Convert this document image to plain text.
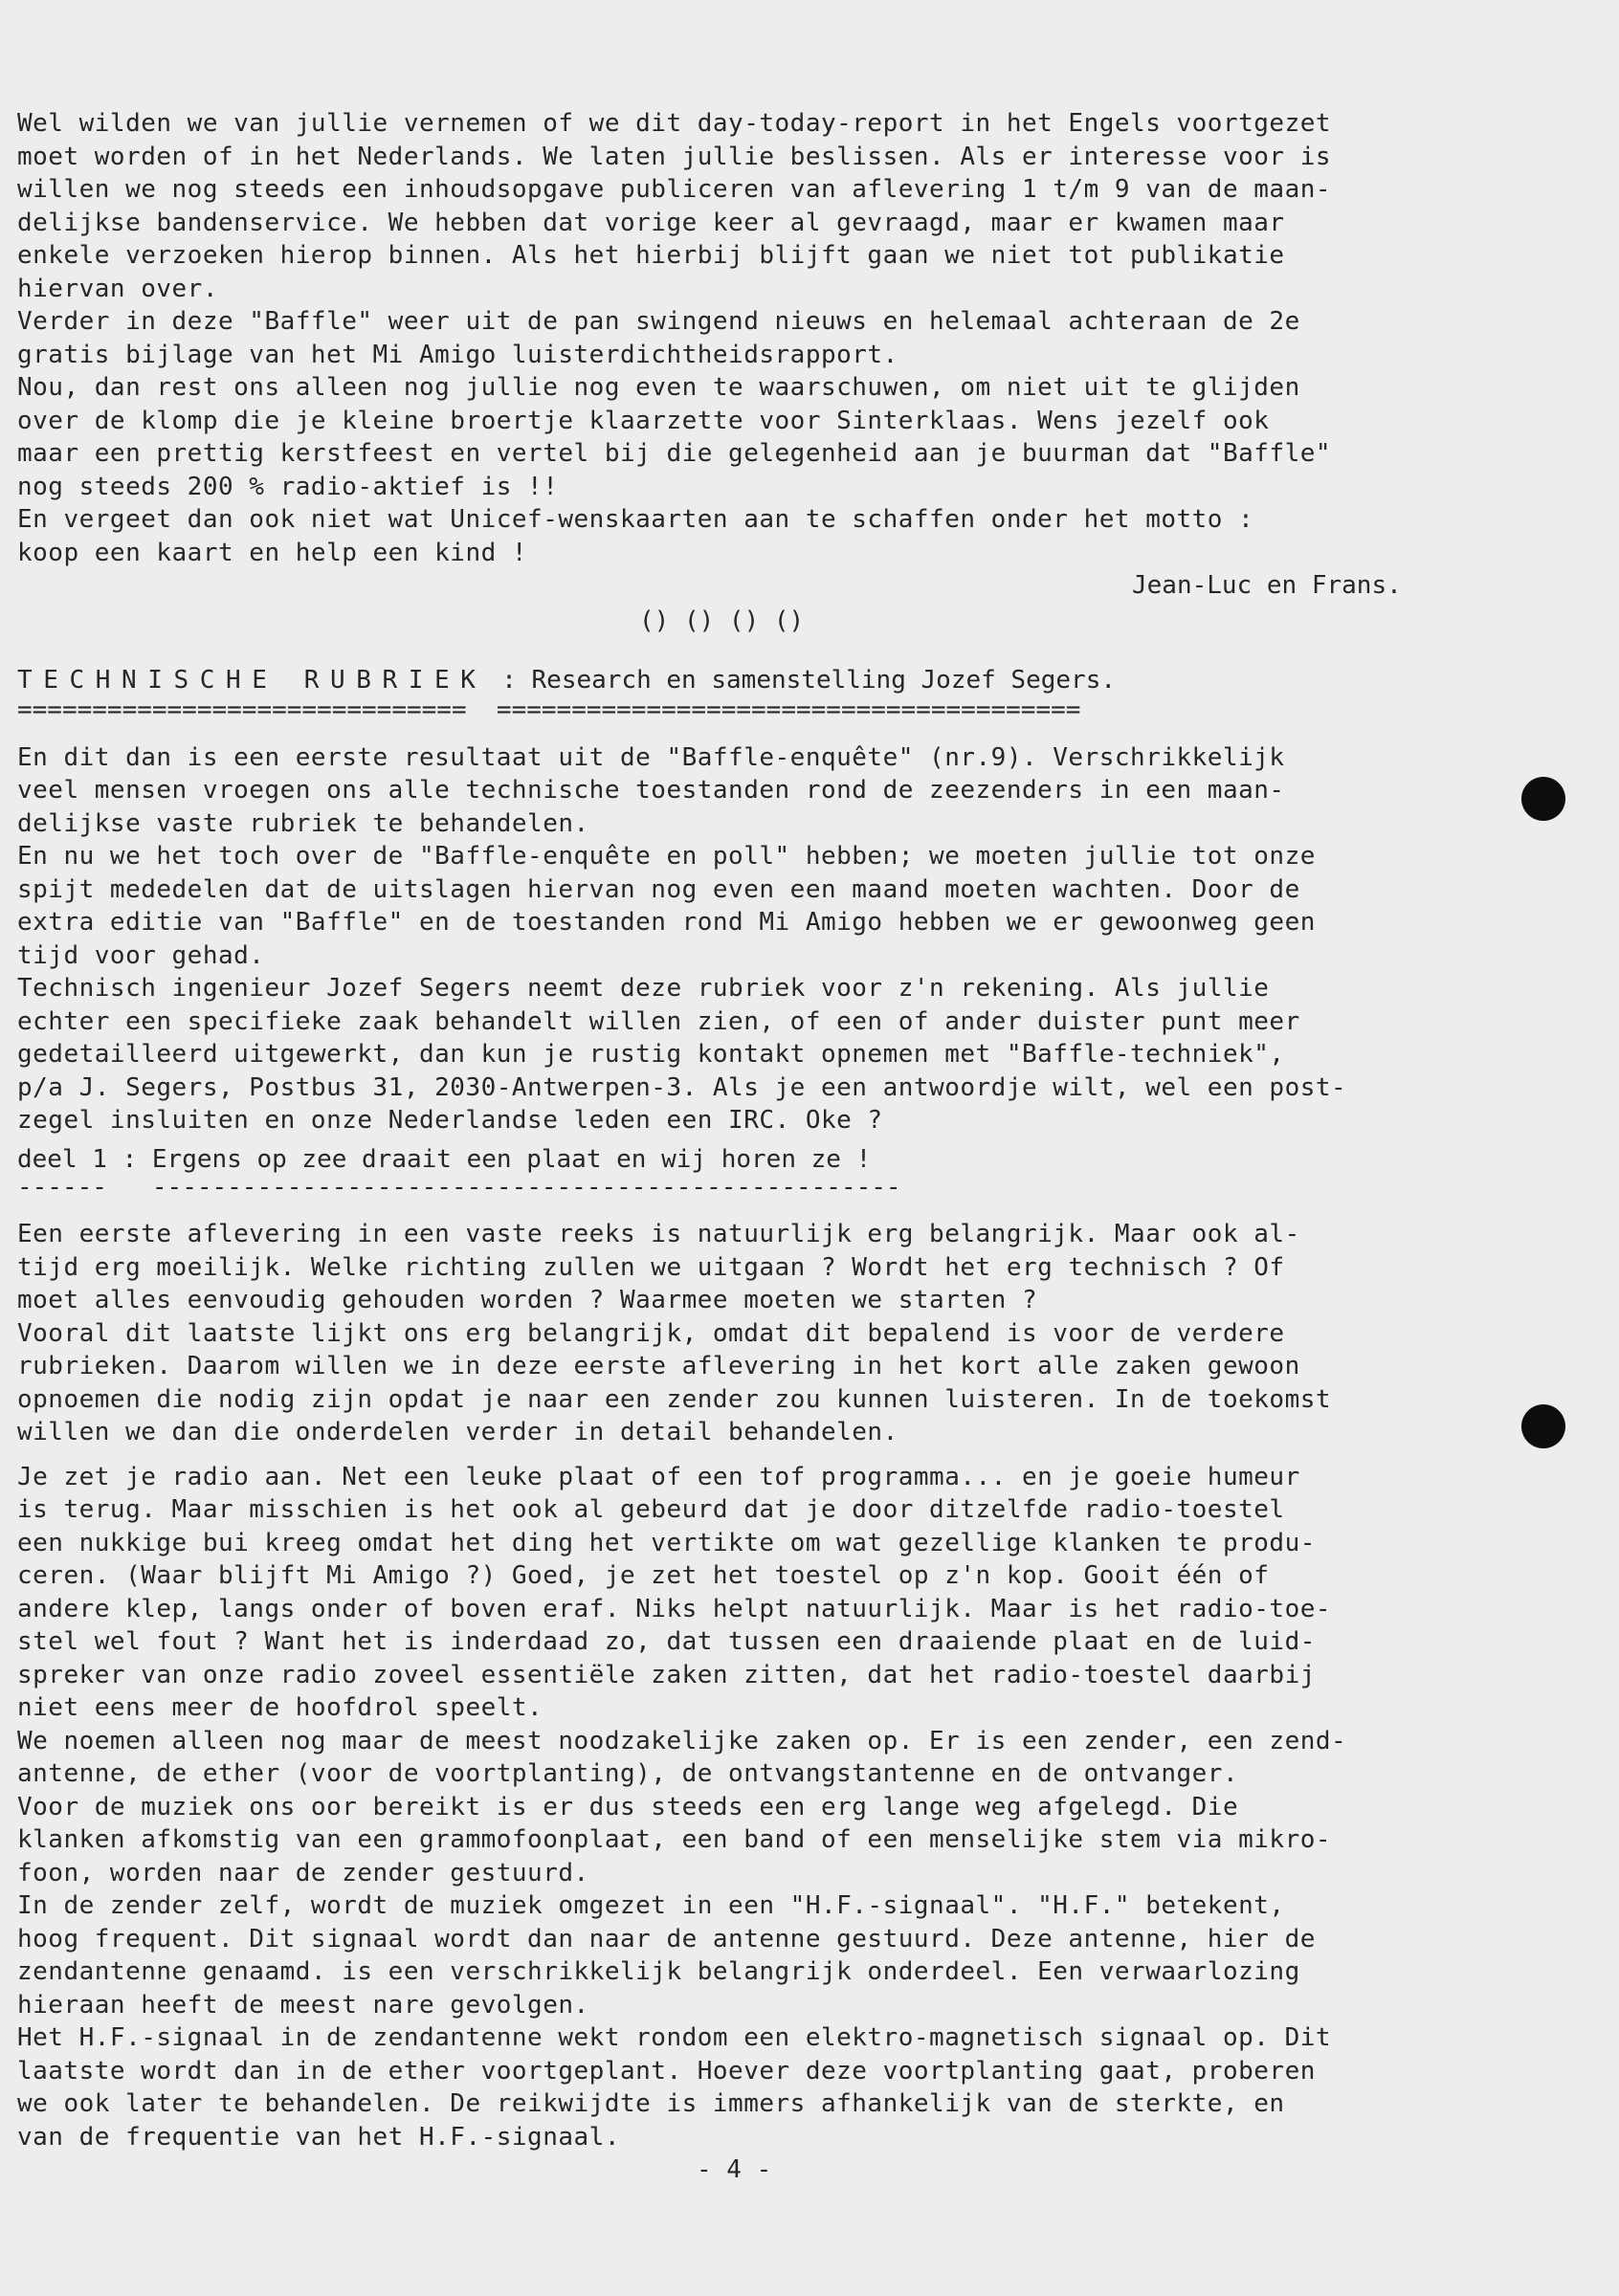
Wel wilden we van jullie vernemen of we dit day-today-report in het Engels voortgezet
moet worden of in het Nederlands. We laten jullie beslissen. Als er interesse voor is
willen we nog steeds een inhoudsopgave publiceren van aflevering 1 t/m 9 van de maan-
delijkse bandenservice. We hebben dat vorige keer al gevraagd, maar er kwamen maar
enkele verzoeken hierop binnen. Als het hierbij blijft gaan we niet tot publikatie
hiervan over.
Verder in deze "Baffle" weer uit de pan swingend nieuws en helemaal achteraan de 2e
gratis bijlage van het Mi Amigo luisterdichtheidsrapport.
Nou, dan rest ons alleen nog jullie nog even te waarschuwen, om niet uit te glijden
over de klomp die je kleine broertje klaarzette voor Sinterklaas. Wens jezelf ook
maar een prettig kerstfeest en vertel bij die gelegenheid aan je buurman dat "Baffle"
nog steeds 200 % radio-aktief is !!
En vergeet dan ook niet wat Unicef-wenskaarten aan te schaffen onder het motto :
koop een kaart en help een kind !
Jean-Luc en Frans.
() () () ()
TECHNISCHE RUBRIEK : Research en samenstelling Jozef Segers.
============================== =======================================
En dit dan is een eerste resultaat uit de "Baffle-enquête" (nr.9). Verschrikkelijk
veel mensen vroegen ons alle technische toestanden rond de zeezenders in een maan-
delijkse vaste rubriek te behandelen.
En nu we het toch over de "Baffle-enquête en poll" hebben; we moeten jullie tot onze
spijt mededelen dat de uitslagen hiervan nog even een maand moeten wachten. Door de
extra editie van "Baffle" en de toestanden rond Mi Amigo hebben we er gewoonweg geen
tijd voor gehad.
Technisch ingenieur Jozef Segers neemt deze rubriek voor z'n rekening. Als jullie
echter een specifieke zaak behandelt willen zien, of een of ander duister punt meer
gedetailleerd uitgewerkt, dan kun je rustig kontakt opnemen met "Baffle-techniek",
p/a J. Segers, Postbus 31, 2030-Antwerpen-3. Als je een antwoordje wilt, wel een post-
zegel insluiten en onze Nederlandse leden een IRC. Oke ?
deel 1 : Ergens op zee draait een plaat en wij horen ze !
------ --------------------------------------------------
Een eerste aflevering in een vaste reeks is natuurlijk erg belangrijk. Maar ook al-
tijd erg moeilijk. Welke richting zullen we uitgaan ? Wordt het erg technisch ? Of
moet alles eenvoudig gehouden worden ? Waarmee moeten we starten ?
Vooral dit laatste lijkt ons erg belangrijk, omdat dit bepalend is voor de verdere
rubrieken. Daarom willen we in deze eerste aflevering in het kort alle zaken gewoon
opnoemen die nodig zijn opdat je naar een zender zou kunnen luisteren. In de toekomst
willen we dan die onderdelen verder in detail behandelen.
Je zet je radio aan. Net een leuke plaat of een tof programma... en je goeie humeur
is terug. Maar misschien is het ook al gebeurd dat je door ditzelfde radio-toestel
een nukkige bui kreeg omdat het ding het vertikte om wat gezellige klanken te produ-
ceren. (Waar blijft Mi Amigo ?) Goed, je zet het toestel op z'n kop. Gooit één of
andere klep, langs onder of boven eraf. Niks helpt natuurlijk. Maar is het radio-toe-
stel wel fout ? Want het is inderdaad zo, dat tussen een draaiende plaat en de luid-
spreker van onze radio zoveel essentiële zaken zitten, dat het radio-toestel daarbij
niet eens meer de hoofdrol speelt.
We noemen alleen nog maar de meest noodzakelijke zaken op. Er is een zender, een zend-
antenne, de ether (voor de voortplanting), de ontvangstantenne en de ontvanger.
Voor de muziek ons oor bereikt is er dus steeds een erg lange weg afgelegd. Die
klanken afkomstig van een grammofoonplaat, een band of een menselijke stem via mikro-
foon, worden naar de zender gestuurd.
In de zender zelf, wordt de muziek omgezet in een "H.F.-signaal". "H.F." betekent,
hoog frequent. Dit signaal wordt dan naar de antenne gestuurd. Deze antenne, hier de
zendantenne genaamd. is een verschrikkelijk belangrijk onderdeel. Een verwaarlozing
hieraan heeft de meest nare gevolgen.
Het H.F.-signaal in de zendantenne wekt rondom een elektro-magnetisch signaal op. Dit
laatste wordt dan in de ether voortgeplant. Hoever deze voortplanting gaat, proberen
we ook later te behandelen. De reikwijdte is immers afhankelijk van de sterkte, en
van de frequentie van het H.F.-signaal.
- 4 -
